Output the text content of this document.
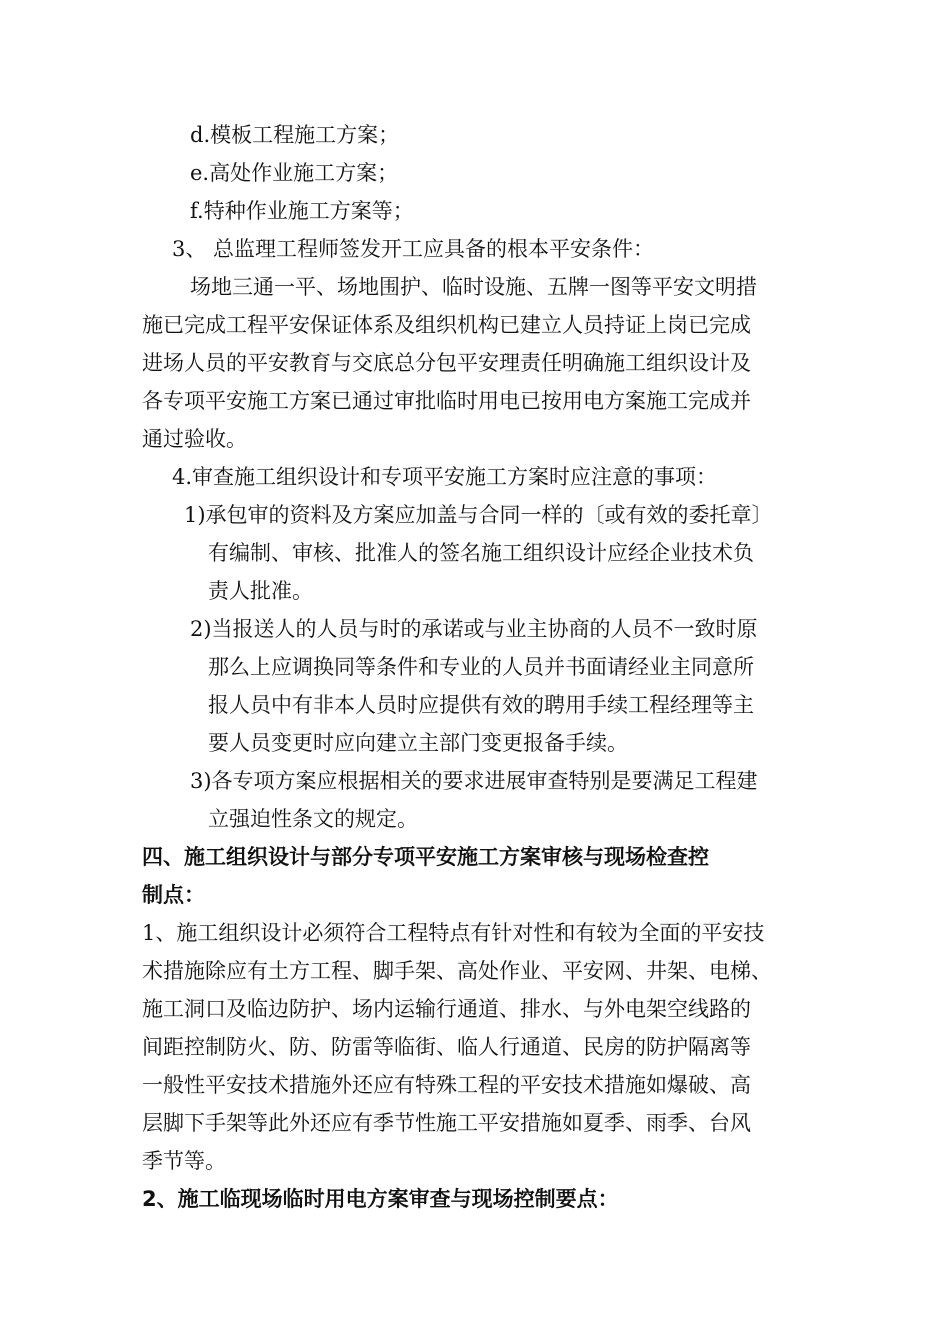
d.模板工程施工方案；
e.高处作业施工方案；
f.特种作业施工方案等；
3、 总监理工程师签发开工应具备的根本平安条件：
场地三通一平、场地围护、临时设施、五牌一图等平安文明措
施已完成工程平安保证体系及组织机构已建立人员持证上岗已完成
进场人员的平安教育与交底总分包平安理责任明确施工组织设计及
各专项平安施工方案已通过审批临时用电已按用电方案施工完成并
通过验收。
4.审查施工组织设计和专项平安施工方案时应注意的事项：
1)承包审的资料及方案应加盖与合同一样的〔或有效的委托章〕
有编制、审核、批准人的签名施工组织设计应经企业技术负
责人批准。
2)当报送人的人员与时的承诺或与业主协商的人员不一致时原
那么上应调换同等条件和专业的人员并书面请经业主同意所
报人员中有非本人员时应提供有效的聘用手续工程经理等主
要人员变更时应向建立主部门变更报备手续。
3)各专项方案应根据相关的要求进展审查特别是要满足工程建
立强迫性条文的规定。
四、施工组织设计与部分专项平安施工方案审核与现场检查控
制点：
1、施工组织设计必须符合工程特点有针对性和有较为全面的平安技
术措施除应有土方工程、脚手架、高处作业、平安网、井架、电梯、
施工洞口及临边防护、场内运输行通道、排水、与外电架空线路的
间距控制防火、防、防雷等临街、临人行通道、民房的防护隔离等
一般性平安技术措施外还应有特殊工程的平安技术措施如爆破、高
层脚下手架等此外还应有季节性施工平安措施如夏季、雨季、台风
季节等。
2、施工临现场临时用电方案审查与现场控制要点：
